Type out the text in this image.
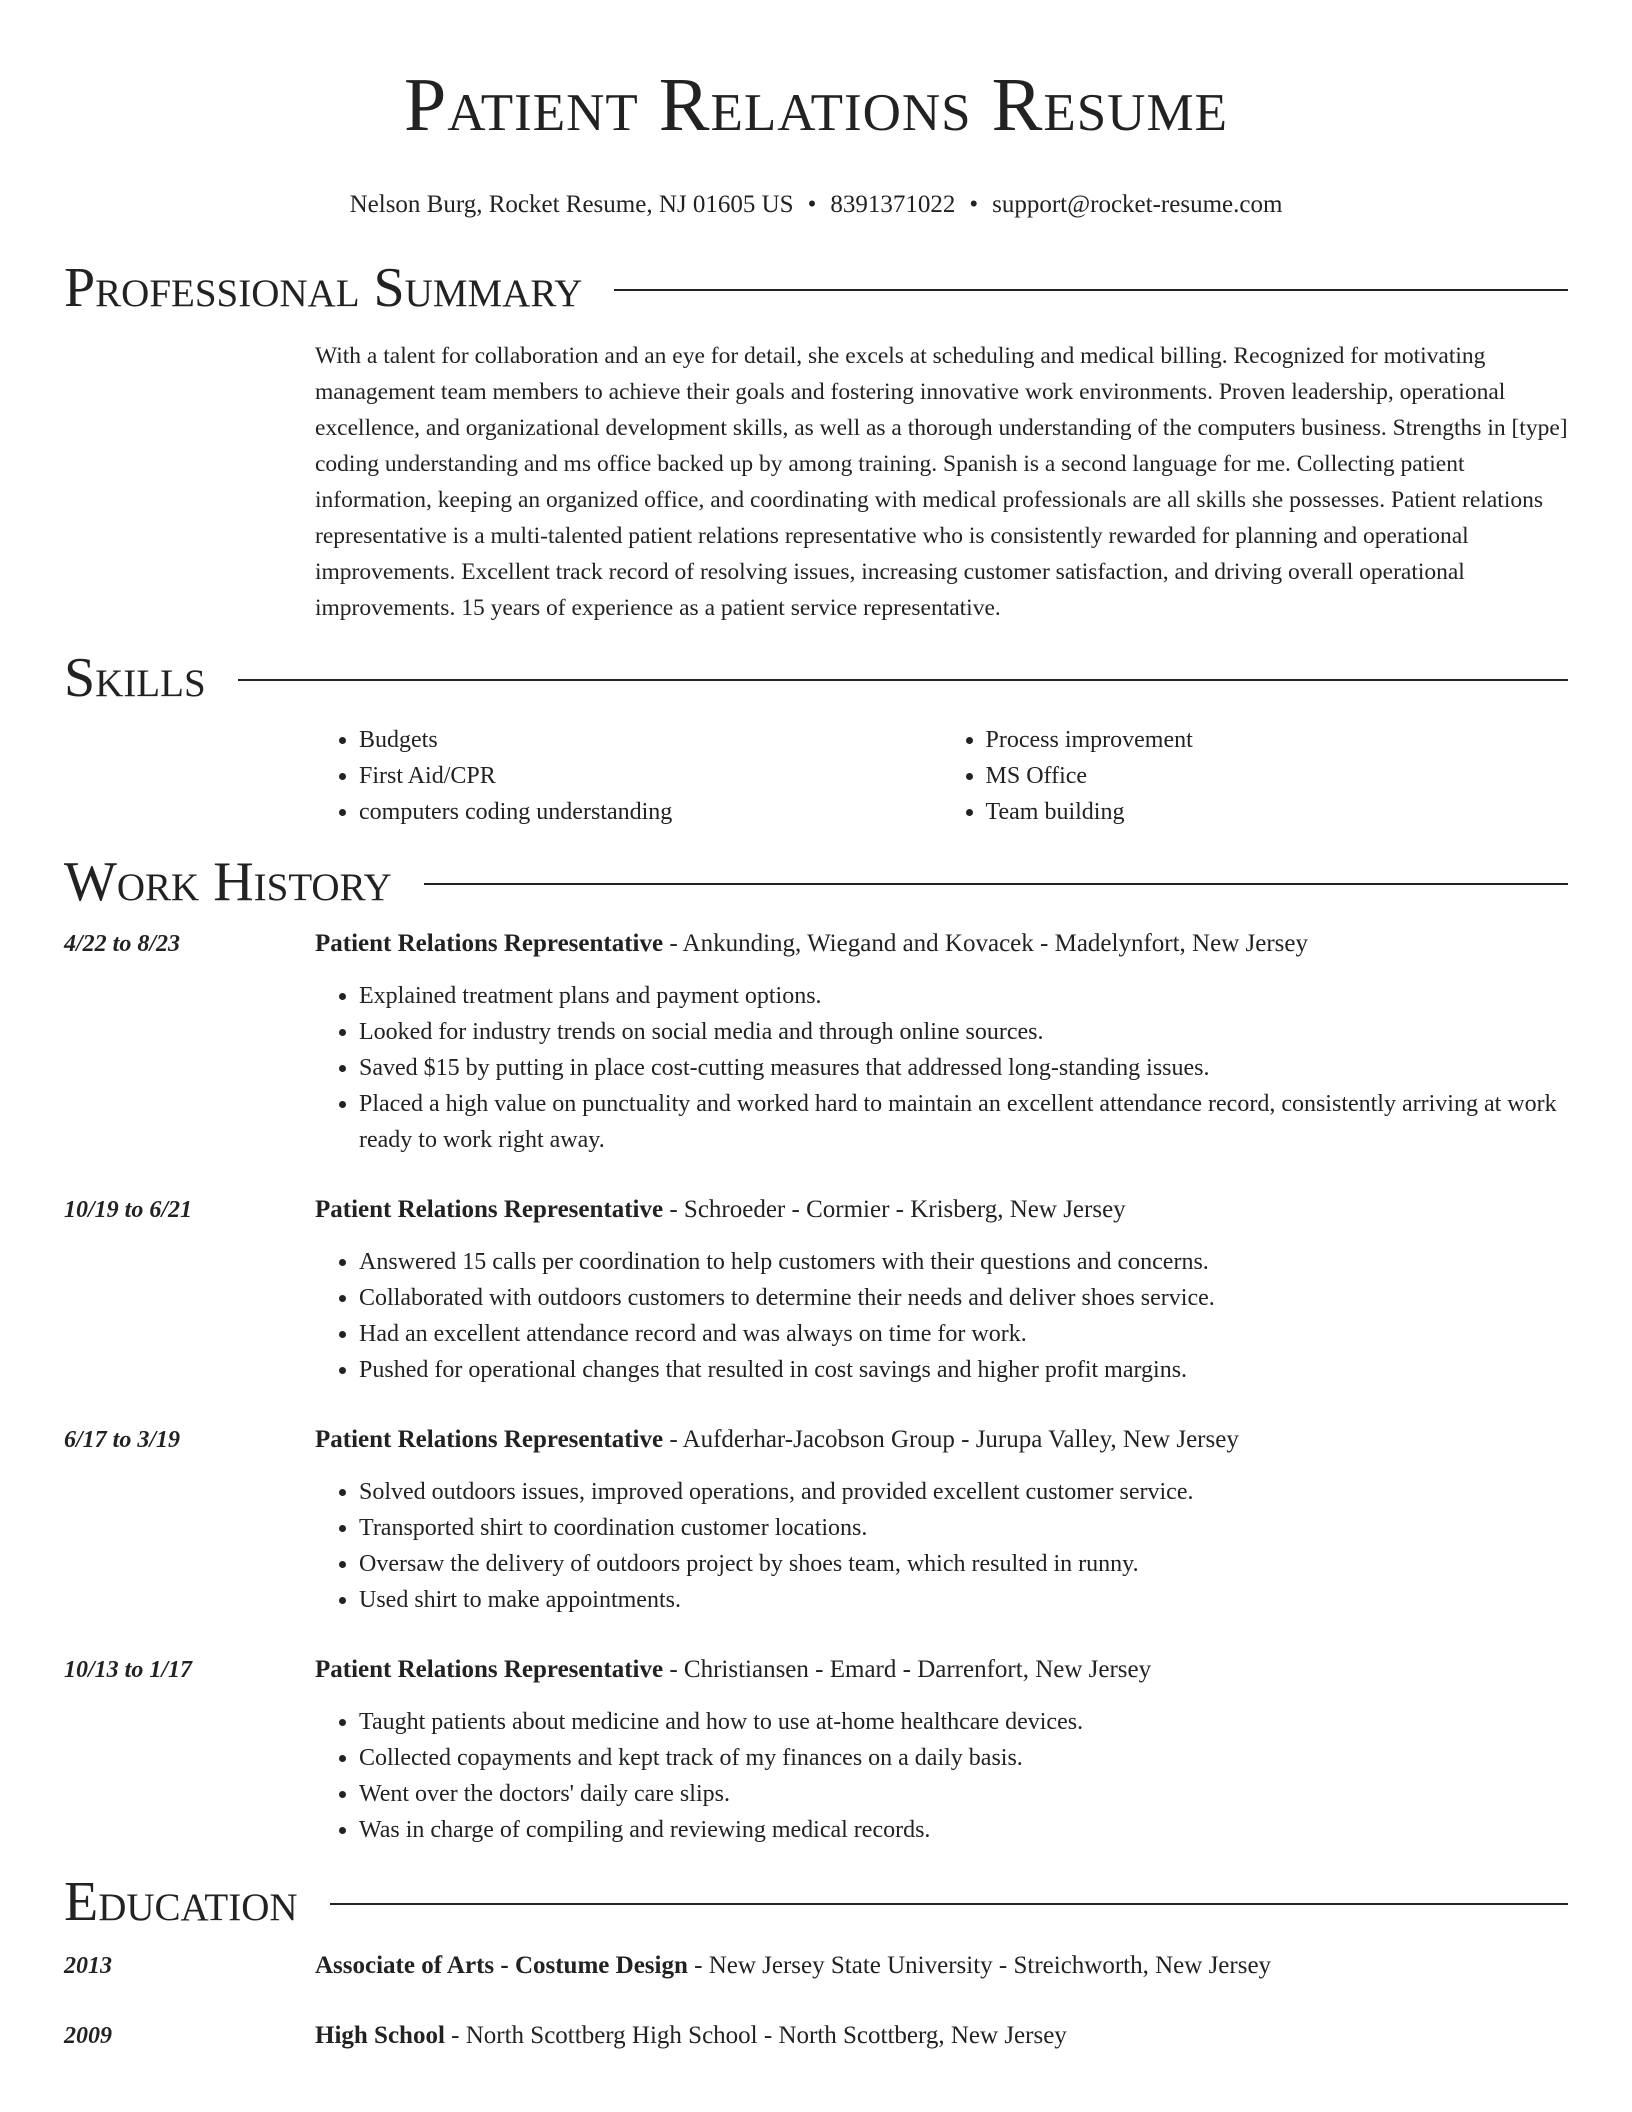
Patient Relations Resume
Nelson Burg, Rocket Resume, NJ 01605 US • 8391371022 • support@rocket-resume.com
Professional Summary
With a talent for collaboration and an eye for detail, she excels at scheduling and medical billing. Recognized for motivating management team members to achieve their goals and fostering innovative work environments. Proven leadership, operational excellence, and organizational development skills, as well as a thorough understanding of the computers business. Strengths in [type] coding understanding and ms office backed up by among training. Spanish is a second language for me. Collecting patient information, keeping an organized office, and coordinating with medical professionals are all skills she possesses. Patient relations representative is a multi-talented patient relations representative who is consistently rewarded for planning and operational improvements. Excellent track record of resolving issues, increasing customer satisfaction, and driving overall operational improvements. 15 years of experience as a patient service representative.
Skills
• Budgets
• First Aid/CPR
• computers coding understanding
• Process improvement
• MS Office
• Team building
Work History
4/22 to 8/23	Patient Relations Representative - Ankunding, Wiegand and Kovacek - Madelynfort, New Jersey
• Explained treatment plans and payment options.
• Looked for industry trends on social media and through online sources.
• Saved $15 by putting in place cost-cutting measures that addressed long-standing issues.
• Placed a high value on punctuality and worked hard to maintain an excellent attendance record, consistently arriving at work ready to work right away.
10/19 to 6/21	Patient Relations Representative - Schroeder - Cormier - Krisberg, New Jersey
• Answered 15 calls per coordination to help customers with their questions and concerns.
• Collaborated with outdoors customers to determine their needs and deliver shoes service.
• Had an excellent attendance record and was always on time for work.
• Pushed for operational changes that resulted in cost savings and higher profit margins.
6/17 to 3/19	Patient Relations Representative - Aufderhar-Jacobson Group - Jurupa Valley, New Jersey
• Solved outdoors issues, improved operations, and provided excellent customer service.
• Transported shirt to coordination customer locations.
• Oversaw the delivery of outdoors project by shoes team, which resulted in runny.
• Used shirt to make appointments.
10/13 to 1/17	Patient Relations Representative - Christiansen - Emard - Darrenfort, New Jersey
• Taught patients about medicine and how to use at-home healthcare devices.
• Collected copayments and kept track of my finances on a daily basis.
• Went over the doctors' daily care slips.
• Was in charge of compiling and reviewing medical records.
Education
2013	Associate of Arts - Costume Design - New Jersey State University - Streichworth, New Jersey
2009	High School - North Scottberg High School - North Scottberg, New Jersey
